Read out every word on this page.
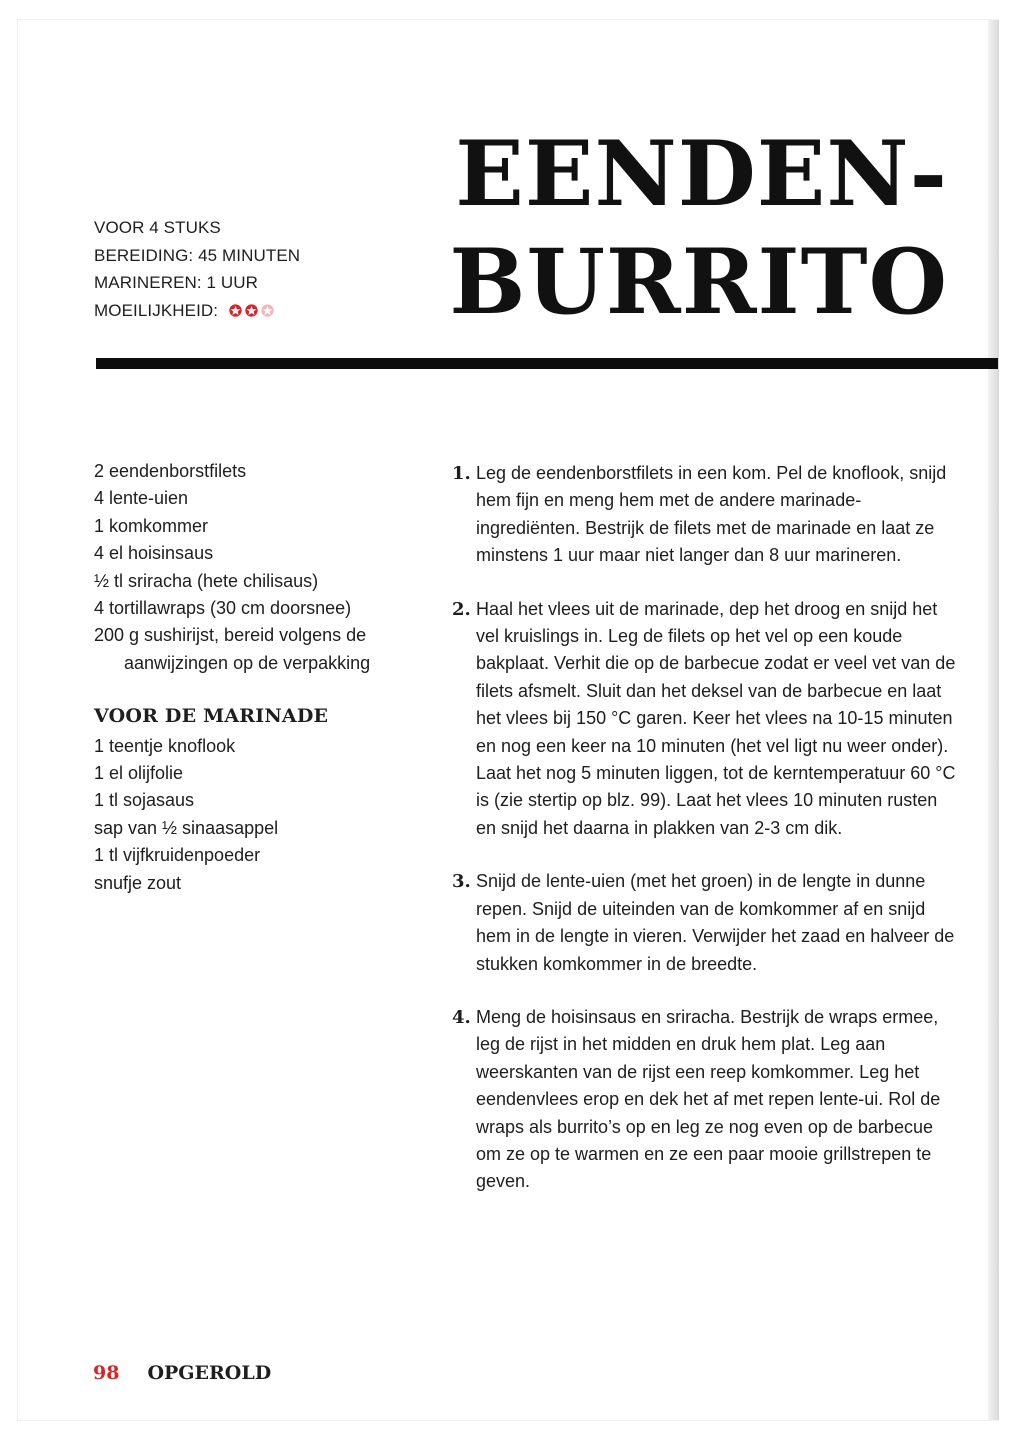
VOOR 4 STUKS
BEREIDING: 45 MINUTEN
MARINEREN: 1 UUR
MOEILIJKHEID:
EENDEN-
BURRITO
2 eendenborstfilets
4 lente-uien
1 komkommer
4 el hoisinsaus
½ tl sriracha (hete chilisaus)
4 tortillawraps (30 cm doorsnee)
200 g sushirijst, bereid volgens de aanwijzingen op de verpakking
VOOR DE MARINADE
1 teentje knoflook
1 el olijfolie
1 tl sojasaus
sap van ½ sinaasappel
1 tl vijfkruidenpoeder
snufje zout
1. Leg de eendenborstfilets in een kom. Pel de knoflook, snijd hem fijn en meng hem met de andere marinade-ingrediënten. Bestrijk de filets met de marinade en laat ze minstens 1 uur maar niet langer dan 8 uur marineren.
2. Haal het vlees uit de marinade, dep het droog en snijd het vel kruislings in. Leg de filets op het vel op een koude bakplaat. Verhit die op de barbecue zodat er veel vet van de filets afsmelt. Sluit dan het deksel van de barbecue en laat het vlees bij 150 °C garen. Keer het vlees na 10-15 minuten en nog een keer na 10 minuten (het vel ligt nu weer onder). Laat het nog 5 minuten liggen, tot de kerntemperatuur 60 °C is (zie stertip op blz. 99). Laat het vlees 10 minuten rusten en snijd het daarna in plakken van 2-3 cm dik.
3. Snijd de lente-uien (met het groen) in de lengte in dunne repen. Snijd de uiteinden van de komkommer af en snijd hem in de lengte in vieren. Verwijder het zaad en halveer de stukken komkommer in de breedte.
4. Meng de hoisinsaus en sriracha. Bestrijk de wraps ermee, leg de rijst in het midden en druk hem plat. Leg aan weerskanten van de rijst een reep komkommer. Leg het eendenvlees erop en dek het af met repen lente-ui. Rol de wraps als burrito’s op en leg ze nog even op de barbecue om ze op te warmen en ze een paar mooie grillstrepen te geven.
98 OPGEROLD
